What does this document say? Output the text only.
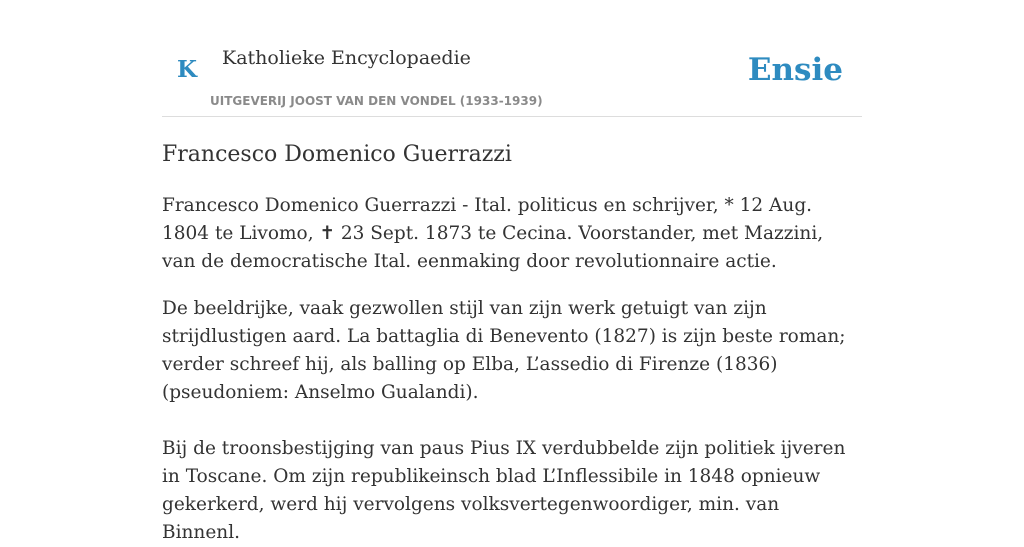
K Katholieke Encyclopaedie
UITGEVERIJ JOOST VAN DEN VONDEL (1933-1939)
Ensie
Francesco Domenico Guerrazzi

Francesco Domenico Guerrazzi - Ital. politicus en schrijver, * 12 Aug. 1804 te Livomo, ✝ 23 Sept. 1873 te Cecina. Voorstander, met Mazzini, van de democratische Ital. eenmaking door revolutionnaire actie.

De beeldrijke, vaak gezwollen stijl van zijn werk getuigt van zijn strijdlustigen aard. La battaglia di Benevento (1827) is zijn beste roman; verder schreef hij, als balling op Elba, L’assedio di Firenze (1836) (pseudoniem: Anselmo Gualandi).

Bij de troonsbestijging van paus Pius IX verdubbelde zijn politiek ijveren in Toscane. Om zijn republikeinsch blad L’Inflessibile in 1848 opnieuw gekerkerd, werd hij vervolgens volksvertegenwoordiger, min. van Binnenl.
